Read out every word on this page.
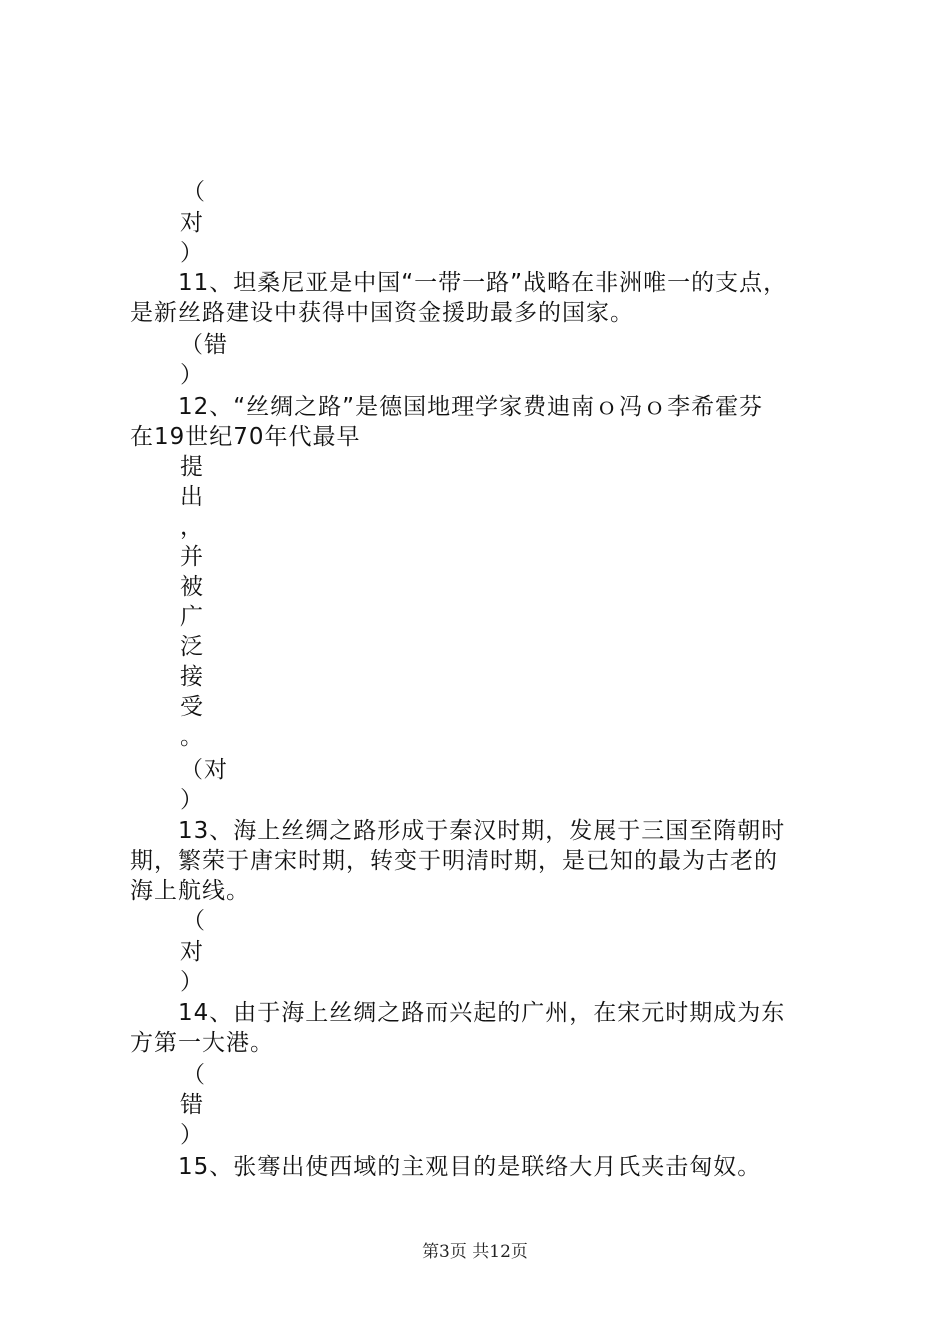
（
对
）
11、坦桑尼亚是中国“一带一路”战略在非洲唯一的支点，
是新丝路建设中获得中国资金援助最多的国家。
（错
）
12、“丝绸之路”是德国地理学家费迪南ｏ冯ｏ李希霍芬
在19世纪70年代最早
提
出
，
并
被
广
泛
接
受
。
（对
）
13、海上丝绸之路形成于秦汉时期，发展于三国至隋朝时
期，繁荣于唐宋时期，转变于明清时期，是已知的最为古老的
海上航线。
（
对
）
14、由于海上丝绸之路而兴起的广州，在宋元时期成为东
方第一大港。
（
错
）
15、张骞出使西域的主观目的是联络大月氏夹击匈奴。
第3页 共12页
